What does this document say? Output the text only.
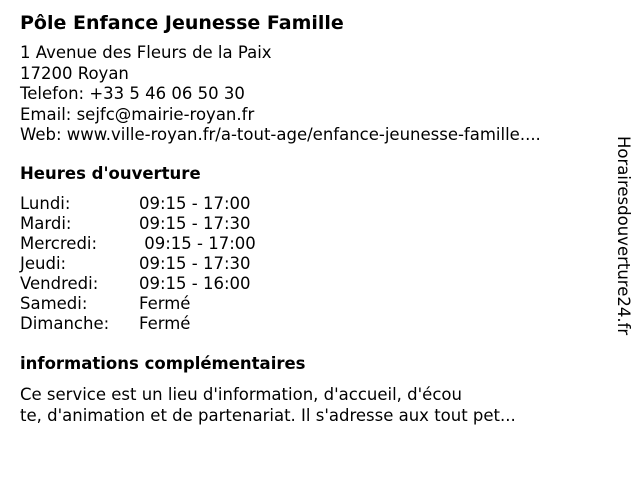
Pôle Enfance Jeunesse Famille
1 Avenue des Fleurs de la Paix
17200 Royan
Telefon: +33 5 46 06 50 30
Email: sejfc@mairie-royan.fr
Web: www.ville-royan.fr/a-tout-age/enfance-jeunesse-famille....
Heures d'ouverture
Lundi:	09:15 - 17:00
Mardi:	09:15 - 17:30
Mercredi:	09:15 - 17:00
Jeudi:	09:15 - 17:30
Vendredi: 09:15 - 16:00
Samedi:	Fermé
Dimanche: Fermé
informations complémentaires
Ce service est un lieu d'information, d'accueil, d'écou
te, d'animation et de partenariat. Il s'adresse aux tout pet...
Horairesdouverture24.fr
